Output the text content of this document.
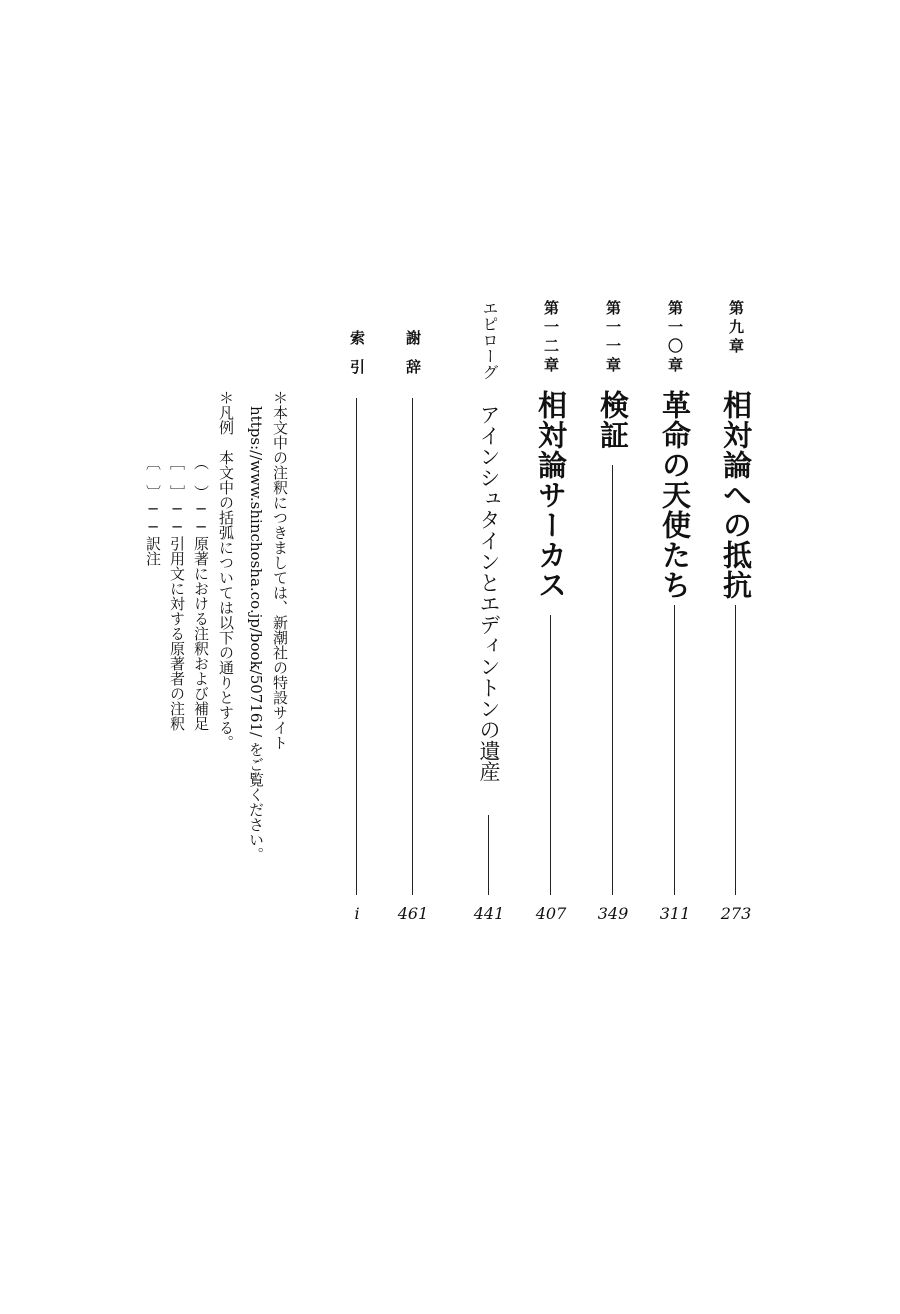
第九章
相対論への抵抗
273
第一〇章
革命の天使たち
311
第一一章
検証
349
第一二章
相対論サーカス
407
エピローグ
アインシュタインとエディントンの遺産
441
謝辞
461
索引
i
＊本文中の注釈につきましては、新潮社の特設サイト
https://www.shinchosha.co.jp/book/507161/ をご覧ください。
＊凡例　本文中の括弧については以下の通りとする。
（　）──原著における注釈および補足
［　］──引用文に対する原著者の注釈
〔　〕──訳注
